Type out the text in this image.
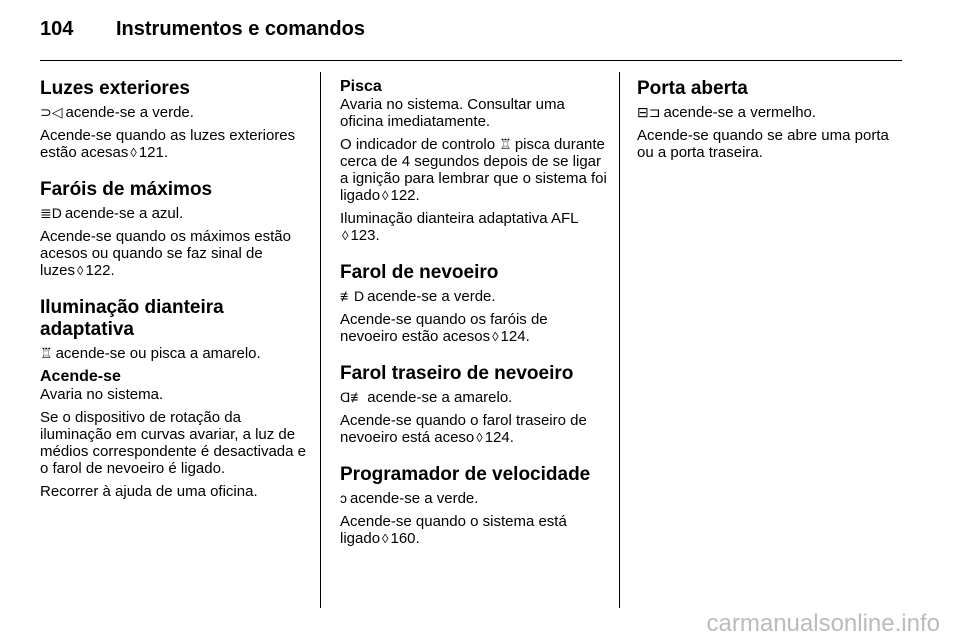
104 Instrumentos e comandos
Luzes exteriores

⊃◁ acende-se a verde.

Acende-se quando as luzes exteriores estão acesas ◊ 121.

Faróis de máximos

≣D acende-se a azul.

Acende-se quando os máximos estão acesos ou quando se faz sinal de luzes ◊ 122.

Iluminação dianteira adaptativa

♖ acende-se ou pisca a amarelo.

Acende-se

Avaria no sistema.

Se o dispositivo de rotação da iluminação em curvas avariar, a luz de médios correspondente é desactivada e o farol de nevoeiro é ligado.

Recorrer à ajuda de uma oficina.

Pisca

Avaria no sistema. Consultar uma oficina imediatamente.

O indicador de controlo ♖ pisca durante cerca de 4 segundos depois de se ligar a ignição para lembrar que o sistema foi ligado ◊ 122.

Iluminação dianteira adaptativa AFL
◊ 123.

Farol de nevoeiro

≢D acende-se a verde.

Acende-se quando os faróis de nevoeiro estão acesos ◊ 124.

Farol traseiro de nevoeiro

Ɑ≢ acende-se a amarelo.

Acende-se quando o farol traseiro de nevoeiro está aceso ◊ 124.

Programador de velocidade

ↄ acende-se a verde.

Acende-se quando o sistema está ligado ◊ 160.

Porta aberta

⊟⊐ acende-se a vermelho.

Acende-se quando se abre uma porta ou a porta traseira.

carmanualsonline.info
